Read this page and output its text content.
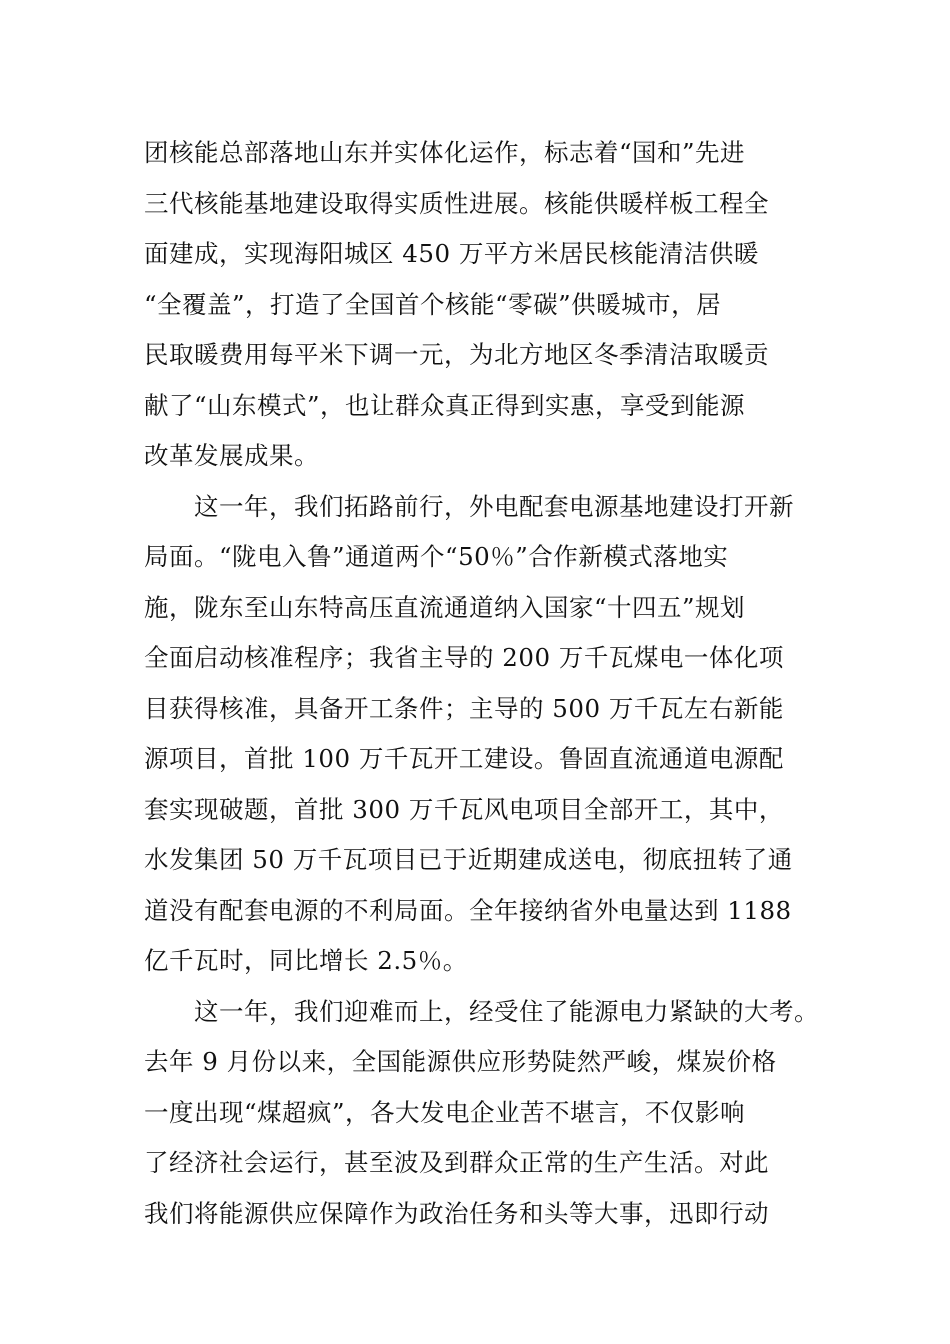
团核能总部落地山东并实体化运作，标志着“国和”先进
三代核能基地建设取得实质性进展。核能供暖样板工程全
面建成，实现海阳城区 450 万平方米居民核能清洁供暖
“全覆盖”，打造了全国首个核能“零碳”供暖城市，居
民取暖费用每平米下调一元，为北方地区冬季清洁取暖贡
献了“山东模式”，也让群众真正得到实惠，享受到能源
改革发展成果。
　　这一年，我们拓路前行，外电配套电源基地建设打开新
局面。“陇电入鲁”通道两个“50％”合作新模式落地实
施，陇东至山东特高压直流通道纳入国家“十四五”规划
全面启动核准程序；我省主导的 200 万千瓦煤电一体化项
目获得核准，具备开工条件；主导的 500 万千瓦左右新能
源项目，首批 100 万千瓦开工建设。鲁固直流通道电源配
套实现破题，首批 300 万千瓦风电项目全部开工，其中，
水发集团 50 万千瓦项目已于近期建成送电，彻底扭转了通
道没有配套电源的不利局面。全年接纳省外电量达到 1188
亿千瓦时，同比增长 2.5％。
　　这一年，我们迎难而上，经受住了能源电力紧缺的大考。
去年 9 月份以来，全国能源供应形势陡然严峻，煤炭价格
一度出现“煤超疯”，各大发电企业苦不堪言，不仅影响
了经济社会运行，甚至波及到群众正常的生产生活。对此
我们将能源供应保障作为政治任务和头等大事，迅即行动
